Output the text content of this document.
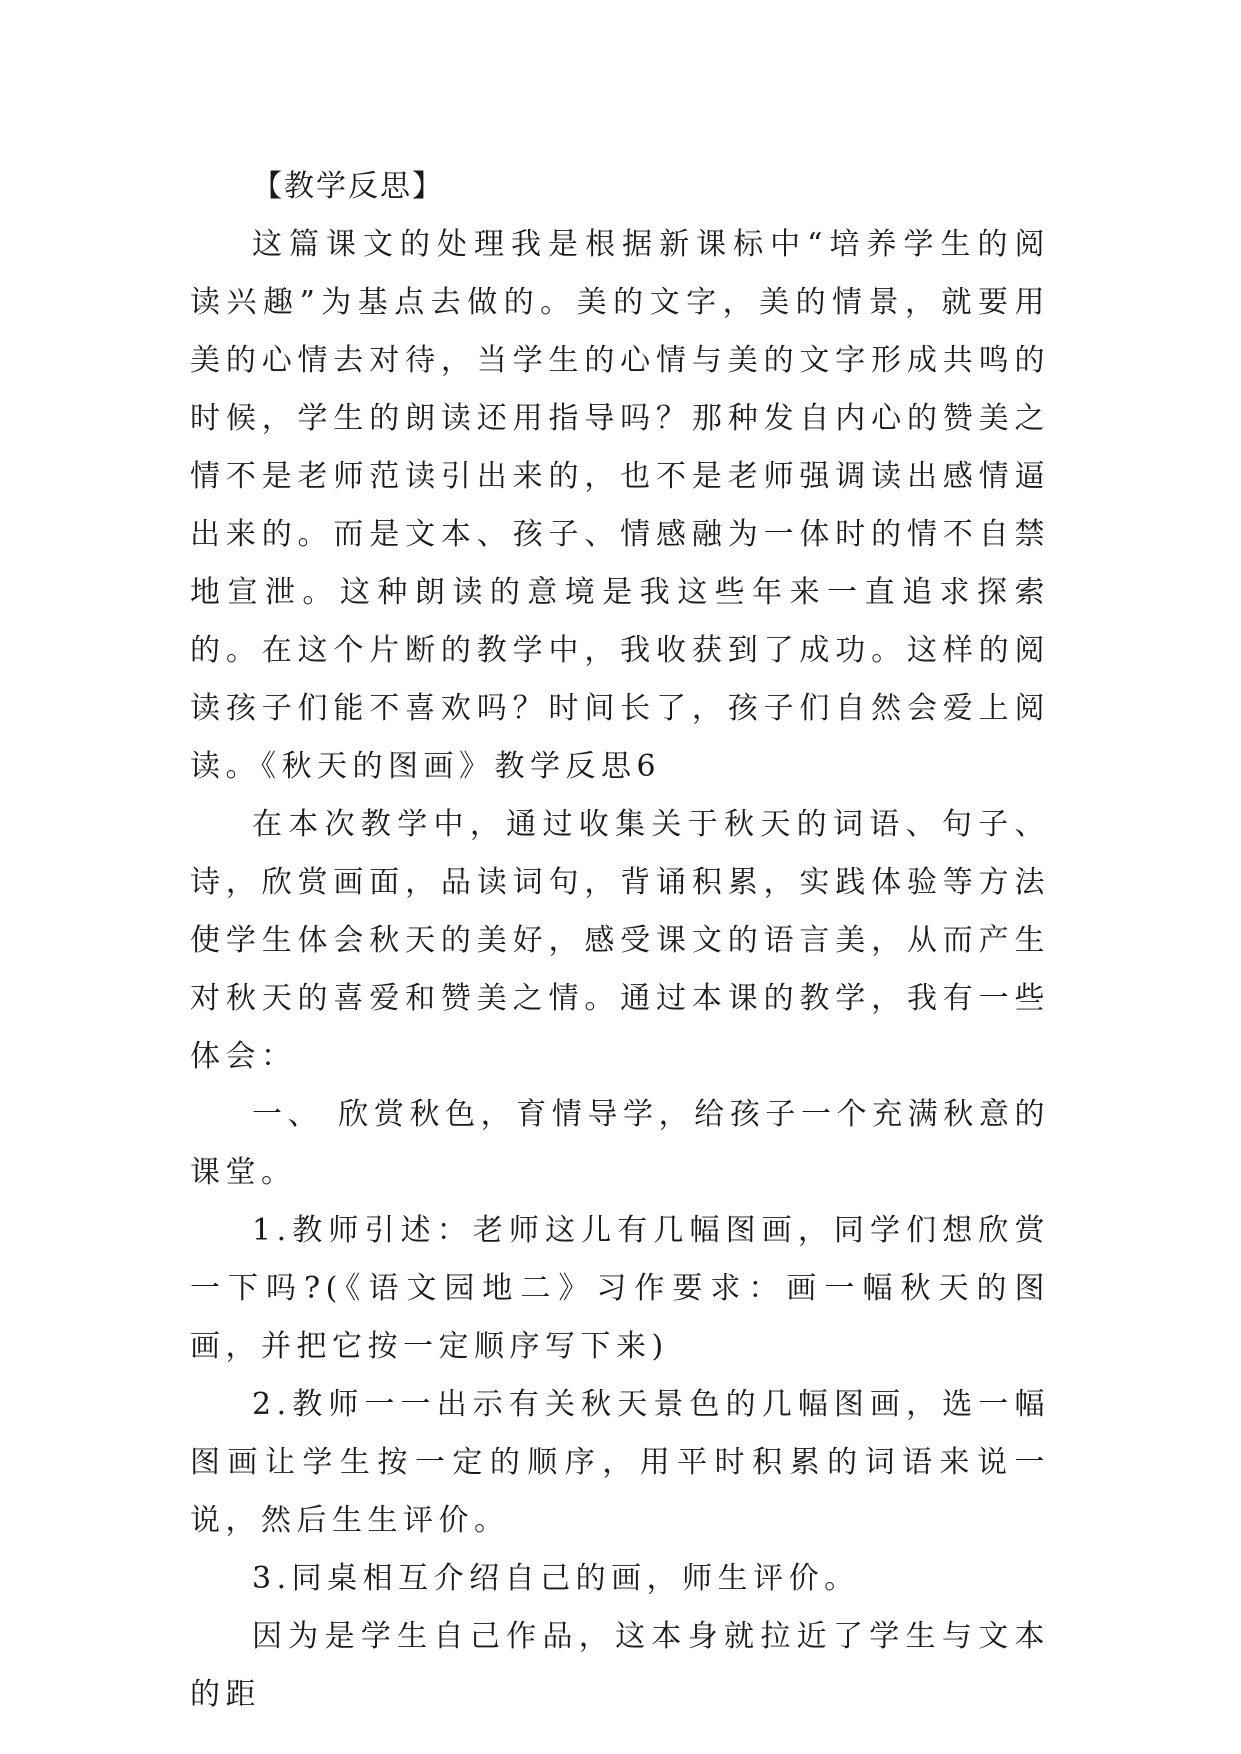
【教学反思】

这篇课文的处理我是根据新课标中“培养学生的阅读兴趣”为基点去做的。美的文字，美的情景，就要用美的心情去对待，当学生的心情与美的文字形成共鸣的时候，学生的朗读还用指导吗？那种发自内心的赞美之情不是老师范读引出来的，也不是老师强调读出感情逼出来的。而是文本、孩子、情感融为一体时的情不自禁地宣泄。这种朗读的意境是我这些年来一直追求探索的。在这个片断的教学中，我收获到了成功。这样的阅读孩子们能不喜欢吗？时间长了，孩子们自然会爱上阅读。《秋天的图画》教学反思6

在本次教学中，通过收集关于秋天的词语、句子、诗，欣赏画面，品读词句，背诵积累，实践体验等方法使学生体会秋天的美好，感受课文的语言美，从而产生对秋天的喜爱和赞美之情。通过本课的教学，我有一些体会：

一、 欣赏秋色，育情导学，给孩子一个充满秋意的课堂。

1.教师引述：老师这儿有几幅图画，同学们想欣赏一下吗?(《语文园地二》习作要求：画一幅秋天的图画，并把它按一定顺序写下来)

2.教师一一出示有关秋天景色的几幅图画，选一幅图画让学生按一定的顺序，用平时积累的词语来说一说，然后生生评价。

3.同桌相互介绍自己的画，师生评价。

因为是学生自己作品，这本身就拉近了学生与文本的距
